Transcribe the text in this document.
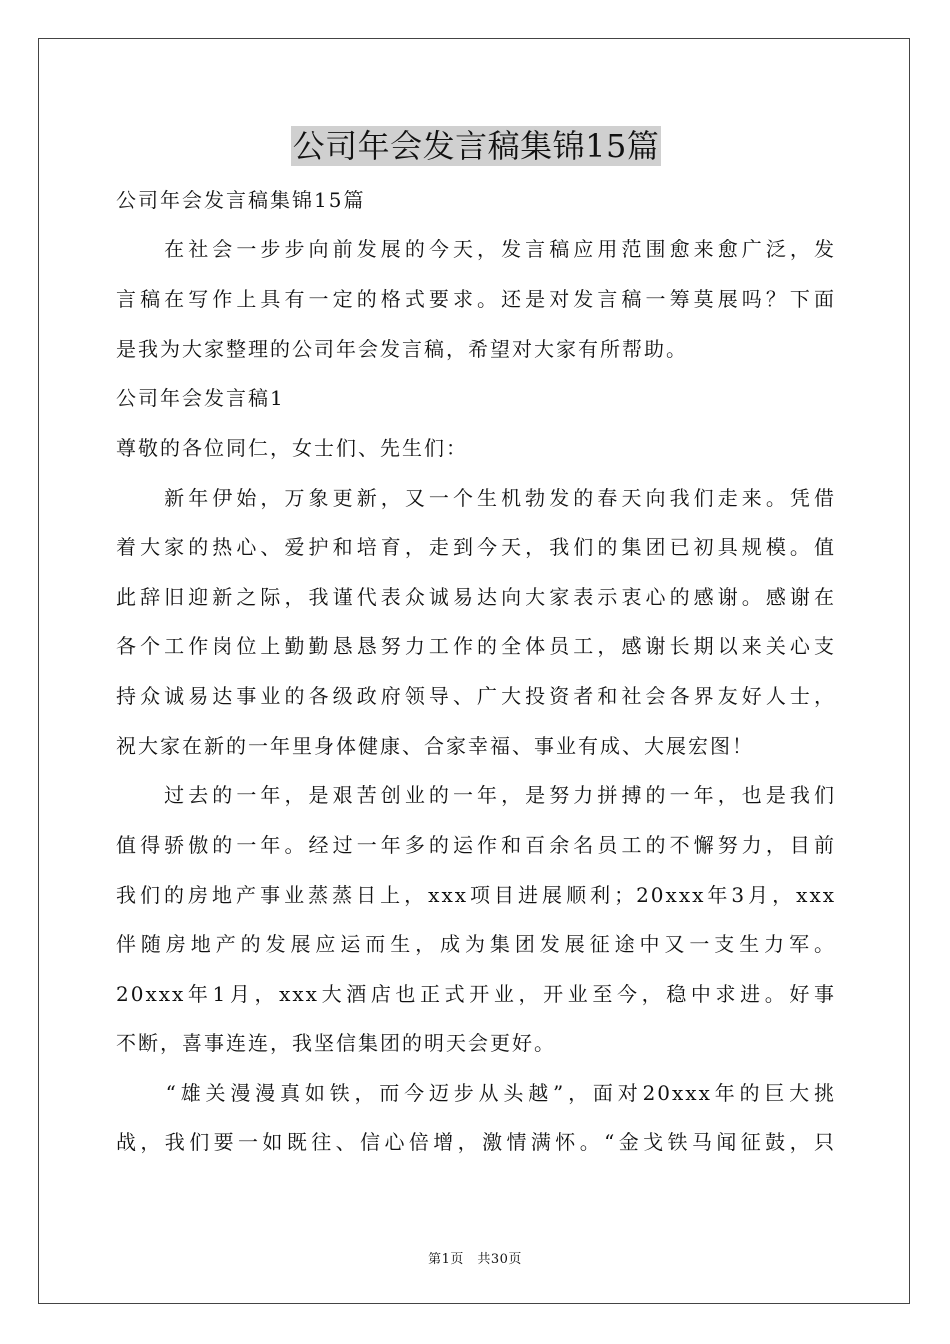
公司年会发言稿集锦15篇
公司年会发言稿集锦15篇
　　在社会一步步向前发展的今天，发言稿应用范围愈来愈广泛，发
言稿在写作上具有一定的格式要求。还是对发言稿一筹莫展吗？下面
是我为大家整理的公司年会发言稿，希望对大家有所帮助。
公司年会发言稿1
尊敬的各位同仁，女士们、先生们：
　　新年伊始，万象更新，又一个生机勃发的春天向我们走来。凭借
着大家的热心、爱护和培育，走到今天，我们的集团已初具规模。值
此辞旧迎新之际，我谨代表众诚易达向大家表示衷心的感谢。感谢在
各个工作岗位上勤勤恳恳努力工作的全体员工，感谢长期以来关心支
持众诚易达事业的各级政府领导、广大投资者和社会各界友好人士，
祝大家在新的一年里身体健康、合家幸福、事业有成、大展宏图！
　　过去的一年，是艰苦创业的一年，是努力拼搏的一年，也是我们
值得骄傲的一年。经过一年多的运作和百余名员工的不懈努力，目前
我们的房地产事业蒸蒸日上，xxx项目进展顺利；20xxx年3月，xxx
伴随房地产的发展应运而生，成为集团发展征途中又一支生力军。
20xxx年1月，xxx大酒店也正式开业，开业至今，稳中求进。好事
不断，喜事连连，我坚信集团的明天会更好。
　　“雄关漫漫真如铁，而今迈步从头越”，面对20xxx年的巨大挑
战，我们要一如既往、信心倍增，激情满怀。“金戈铁马闻征鼓，只
第1页　共30页
